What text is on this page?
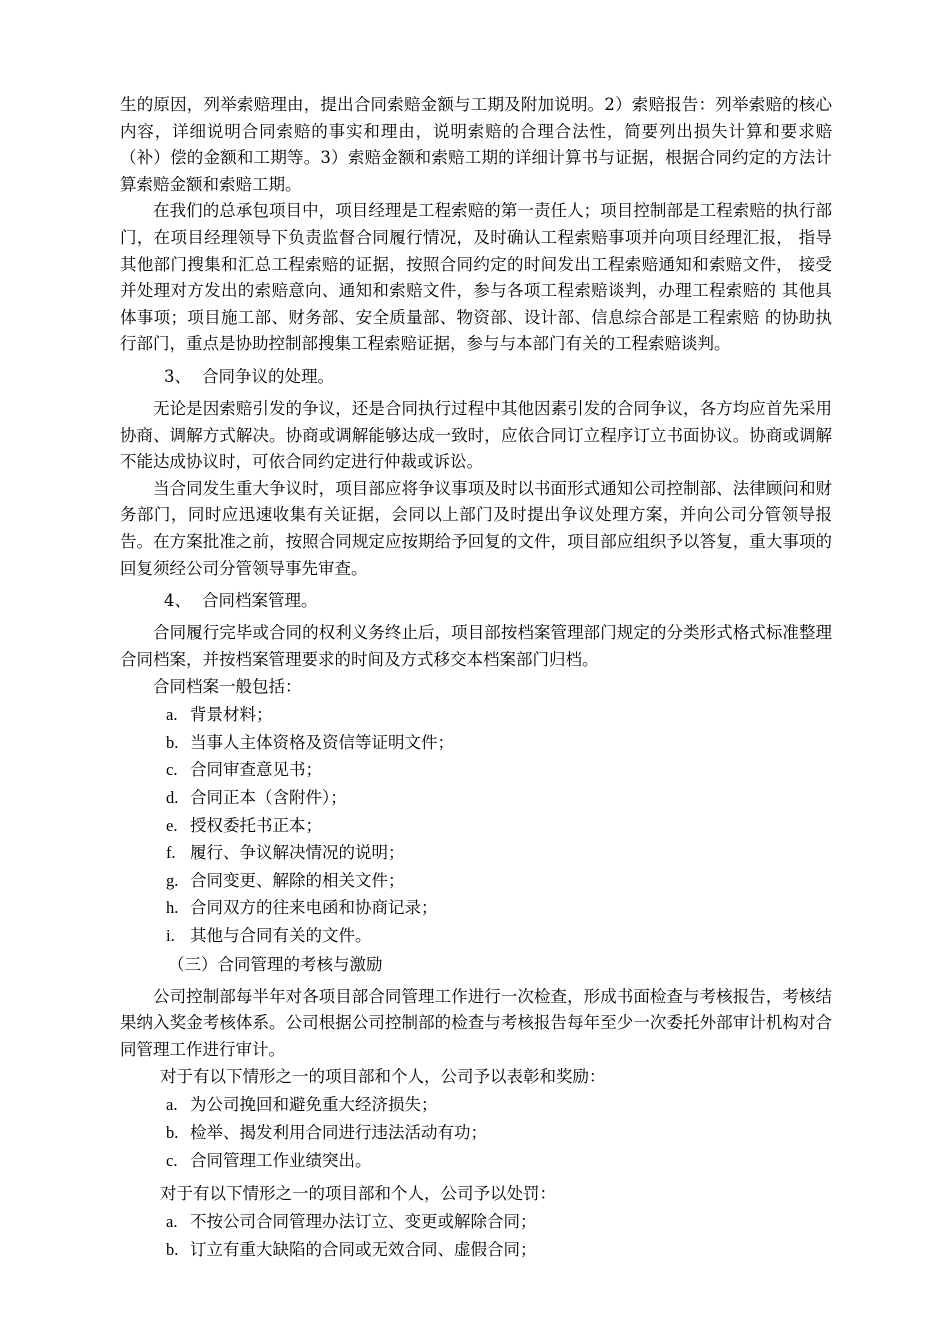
生的原因，列举索赔理由，提出合同索赔金额与工期及附加说明。2）索赔报告：列举索赔的核心内容，详细说明合同索赔的事实和理由，说明索赔的合理合法性，简要列出损失计算和要求赔（补）偿的金额和工期等。3）索赔金额和索赔工期的详细计算书与证据，根据合同约定的方法计 算索赔金额和索赔工期。

在我们的总承包项目中，项目经理是工程索赔的第一责任人；项目控制部是工程索赔的执行部门，在项目经理领导下负责监督合同履行情况，及时确认工程索赔事项并向项目经理汇报， 指导其他部门搜集和汇总工程索赔的证据，按照合同约定的时间发出工程索赔通知和索赔文件， 接受并处理对方发出的索赔意向、通知和索赔文件，参与各项工程索赔谈判，办理工程索赔的 其他具体事项；项目施工部、财务部、安全质量部、物资部、设计部、信息综合部是工程索赔 的协助执行部门，重点是协助控制部搜集工程索赔证据，参与与本部门有关的工程索赔谈判。

3、 合同争议的处理。

无论是因索赔引发的争议，还是合同执行过程中其他因素引发的合同争议，各方均应首先采用协商、调解方式解决。协商或调解能够达成一致时，应依合同订立程序订立书面协议。协商或调解不能达成协议时，可依合同约定进行仲裁或诉讼。

当合同发生重大争议时，项目部应将争议事项及时以书面形式通知公司控制部、法律顾问和财务部门，同时应迅速收集有关证据，会同以上部门及时提出争议处理方案，并向公司分管领导报告。在方案批准之前，按照合同规定应按期给予回复的文件，项目部应组织予以答复，重大事项的回复须经公司分管领导事先审查。

4、 合同档案管理。

合同履行完毕或合同的权利义务终止后，项目部按档案管理部门规定的分类形式格式标准整理合同档案，并按档案管理要求的时间及方式移交本档案部门归档。

合同档案一般包括：

a. 背景材料；
b. 当事人主体资格及资信等证明文件；
c. 合同审查意见书；
d. 合同正本（含附件）；
e. 授权委托书正本；
f. 履行、争议解决情况的说明；
g. 合同变更、解除的相关文件；
h. 合同双方的往来电函和协商记录；
i. 其他与合同有关的文件。

（三）合同管理的考核与激励

公司控制部每半年对各项目部合同管理工作进行一次检查，形成书面检查与考核报告，考核结果纳入奖金考核体系。公司根据公司控制部的检查与考核报告每年至少一次委托外部审计机构对合同管理工作进行审计。

对于有以下情形之一的项目部和个人，公司予以表彰和奖励：

a. 为公司挽回和避免重大经济损失；
b. 检举、揭发利用合同进行违法活动有功；
c. 合同管理工作业绩突出。

对于有以下情形之一的项目部和个人，公司予以处罚：

a. 不按公司合同管理办法订立、变更或解除合同；
b. 订立有重大缺陷的合同或无效合同、虚假合同；
